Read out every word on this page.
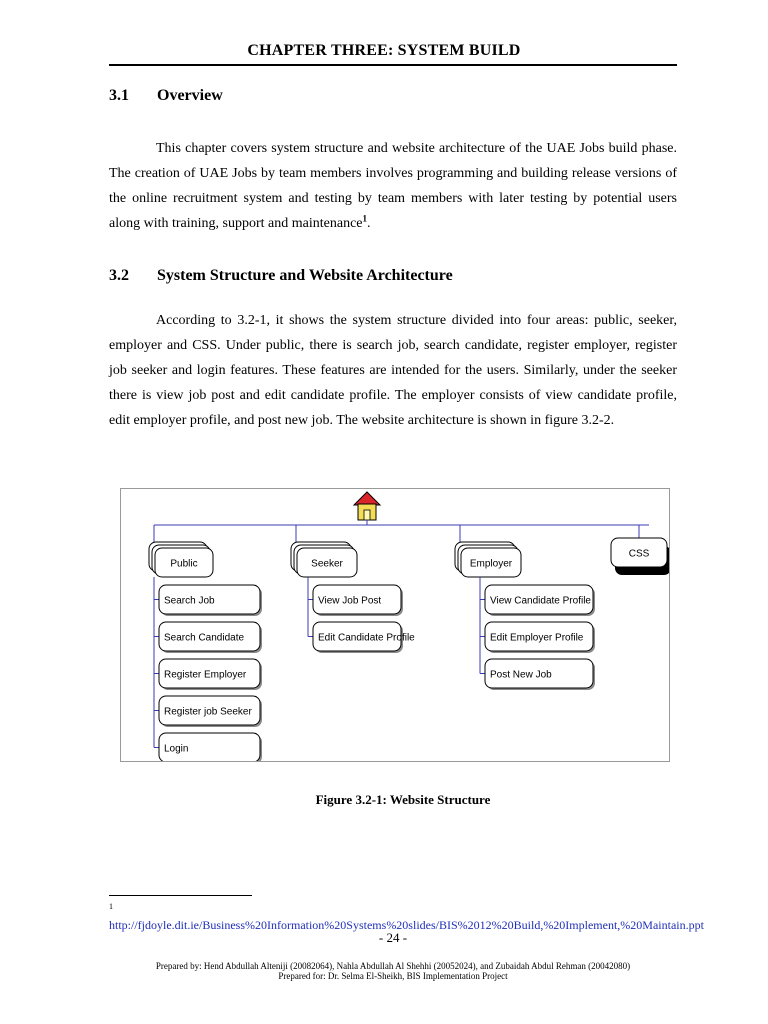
CHAPTER THREE: SYSTEM BUILD
3.1 Overview

This chapter covers system structure and website architecture of the UAE Jobs build phase. The creation of UAE Jobs by team members involves programming and building release versions of the online recruitment system and testing by team members with later testing by potential users along with training, support and maintenance$^1$.

3.2 System Structure and Website Architecture

According to 3.2-1, it shows the system structure divided into four areas: public, seeker, employer and CSS. Under public, there is search job, search candidate, register employer, register job seeker and login features. These features are intended for the users. Similarly, under the seeker there is view job post and edit candidate profile. The employer consists of view candidate profile, edit employer profile, and post new job. The website architecture is shown in figure 3.2-2.

Public
Search Job
Search Candidate
Register Employer
Register job Seeker
Login
Seeker
View Job Post
Edit Candidate Profile
Employer
View Candidate Profile
Edit Employer Profile
Post New Job
CSS
Figure 3.2-1: Website Structure
$^1$ http://fjdoyle.dit.ie/Business%20Information%20Systems%20slides/BIS%2012%20Build,%20Implement,%20Maintain.ppt
- 24 -
Prepared by: Hend Abdullah Alteniji (20082064), Nahla Abdullah Al Shehhi (20052024), and Zubaidah Abdul Rehman (20042080)
Prepared for: Dr. Selma El-Sheikh, BIS Implementation Project
